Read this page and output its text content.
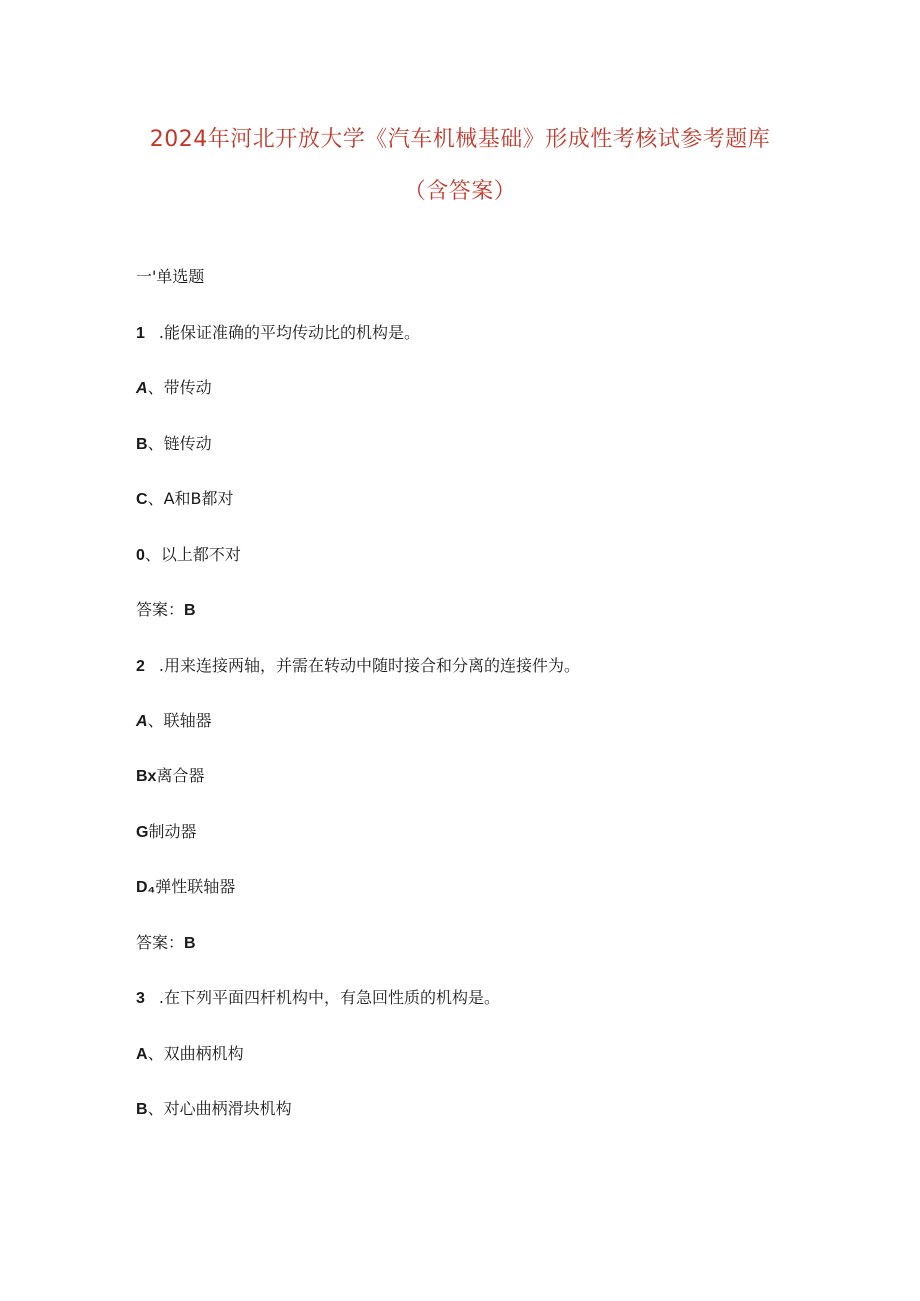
2024年河北开放大学《汽车机械基础》形成性考核试参考题库
（含答案）
一'单选题
1 .能保证准确的平均传动比的机构是。
A、带传动
B、链传动
C、A和B都对
0、以上都不对
答案：B
2 .用来连接两轴，并需在转动中随时接合和分离的连接件为。
A、联轴器
Bx离合器
G制动器
D₄弹性联轴器
答案：B
3 .在下列平面四杆机构中，有急回性质的机构是。
A、双曲柄机构
B、对心曲柄滑块机构
